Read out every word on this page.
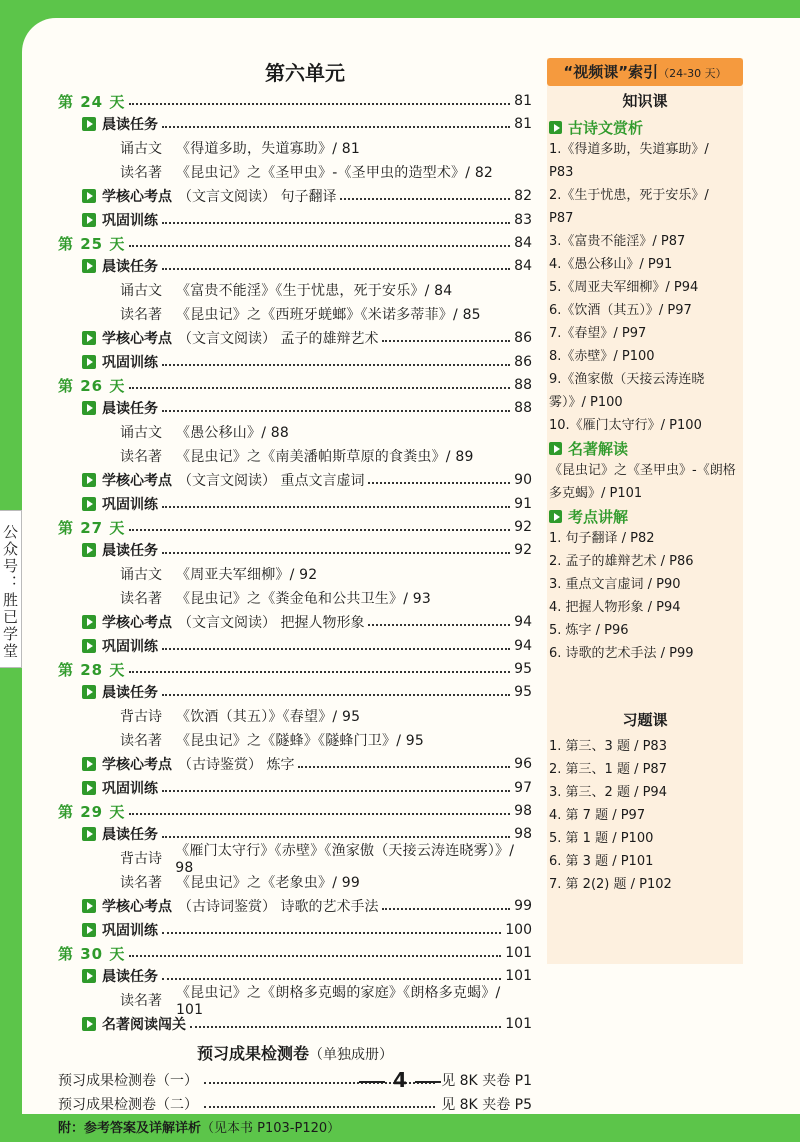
公众号：胜已学堂
第六单元
第 24 天	81
晨读任务	81
诵古文	《得道多助，失道寡助》/ 81
读名著	《昆虫记》之《圣甲虫》-《圣甲虫的造型术》/ 82
学核心考点 （文言文阅读） 句子翻译	82
巩固训练	83
第 25 天	84
晨读任务	84
诵古文	《富贵不能淫》《生于忧患，死于安乐》/ 84
读名著	《昆虫记》之《西班牙蜣螂》《米诺多蒂菲》/ 85
学核心考点 （文言文阅读） 孟子的雄辩艺术	86
巩固训练	86
第 26 天	88
晨读任务	88
诵古文	《愚公移山》/ 88
读名著	《昆虫记》之《南美潘帕斯草原的食粪虫》/ 89
学核心考点 （文言文阅读） 重点文言虚词	90
巩固训练	91
第 27 天	92
晨读任务	92
诵古文	《周亚夫军细柳》/ 92
读名著	《昆虫记》之《粪金龟和公共卫生》/ 93
学核心考点 （文言文阅读） 把握人物形象	94
巩固训练	94
第 28 天	95
晨读任务	95
背古诗	《饮酒（其五）》《春望》/ 95
读名著	《昆虫记》之《隧蜂》《隧蜂门卫》/ 95
学核心考点 （古诗鉴赏） 炼字	96
巩固训练	97
第 29 天	98
晨读任务	98
背古诗 《雁门太守行》《赤壁》《渔家傲（天接云涛连晓雾）》/ 98
读名著	《昆虫记》之《老象虫》/ 99
学核心考点 （古诗词鉴赏） 诗歌的艺术手法	99
巩固训练	100
第 30 天	101
晨读任务	101
读名著 《昆虫记》之《朗格多克蝎的家庭》《朗格多克蝎》/ 101
名著阅读闯关	101
预习成果检测卷（单独成册）
预习成果检测卷（一）	见 8K 夹卷 P1
预习成果检测卷（二）	见 8K 夹卷 P5
附：参考答案及详解详析（见本书 P103-P120）
“视频课”索引（24-30 天）
知识课
古诗文赏析
1.《得道多助，失道寡助》/
P83
2.《生于忧患，死于安乐》/
P87
3.《富贵不能淫》/ P87
4.《愚公移山》/ P91
5.《周亚夫军细柳》/ P94
6.《饮酒（其五）》/ P97
7.《春望》/ P97
8.《赤壁》/ P100
9.《渔家傲（天接云涛连晓
雾）》/ P100
10.《雁门太守行》/ P100
名著解读
《昆虫记》之《圣甲虫》-《朗格
多克蝎》/ P101
考点讲解
1. 句子翻译 / P82
2. 孟子的雄辩艺术 / P86
3. 重点文言虚词 / P90
4. 把握人物形象 / P94
5. 炼字 / P96
6. 诗歌的艺术手法 / P99
习题课
1. 第三、3 题 / P83
2. 第三、1 题 / P87
3. 第三、2 题 / P94
4. 第 7 题 / P97
5. 第 1 题 / P100
6. 第 3 题 / P101
7. 第 2(2) 题 / P102
4
